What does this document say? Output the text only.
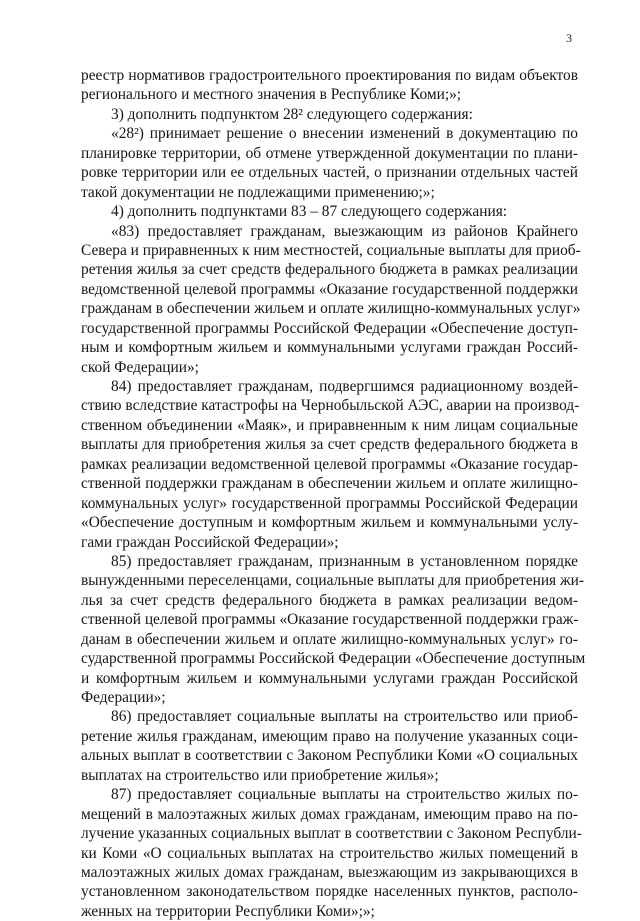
3
реестр нормативов градостроительного проектирования по видам объектов
регионального и местного значения в Республике Коми;»;
3) дополнить подпунктом 28² следующего содержания:
«28²) принимает решение о внесении изменений в документацию по
планировке территории, об отмене утвержденной документации по плани-
ровке территории или ее отдельных частей, о признании отдельных частей
такой документации не подлежащими применению;»;
4) дополнить подпунктами 83 – 87 следующего содержания:
«83) предоставляет гражданам, выезжающим из районов Крайнего
Севера и приравненных к ним местностей, социальные выплаты для приоб-
ретения жилья за счет средств федерального бюджета в рамках реализации
ведомственной целевой программы «Оказание государственной поддержки
гражданам в обеспечении жильем и оплате жилищно-коммунальных услуг»
государственной программы Российской Федерации «Обеспечение доступ-
ным и комфортным жильем и коммунальными услугами граждан Россий-
ской Федерации»;
84) предоставляет гражданам, подвергшимся радиационному воздей-
ствию вследствие катастрофы на Чернобыльской АЭС, аварии на производ-
ственном объединении «Маяк», и приравненным к ним лицам социальные
выплаты для приобретения жилья за счет средств федерального бюджета в
рамках реализации ведомственной целевой программы «Оказание государ-
ственной поддержки гражданам в обеспечении жильем и оплате жилищно-
коммунальных услуг» государственной программы Российской Федерации
«Обеспечение доступным и комфортным жильем и коммунальными услу-
гами граждан Российской Федерации»;
85) предоставляет гражданам, признанным в установленном порядке
вынужденными переселенцами, социальные выплаты для приобретения жи-
лья за счет средств федерального бюджета в рамках реализации ведом-
ственной целевой программы «Оказание государственной поддержки граж-
данам в обеспечении жильем и оплате жилищно-коммунальных услуг» го-
сударственной программы Российской Федерации «Обеспечение доступным
и комфортным жильем и коммунальными услугами граждан Российской
Федерации»;
86) предоставляет социальные выплаты на строительство или приоб-
ретение жилья гражданам, имеющим право на получение указанных соци-
альных выплат в соответствии с Законом Республики Коми «О социальных
выплатах на строительство или приобретение жилья»;
87) предоставляет социальные выплаты на строительство жилых по-
мещений в малоэтажных жилых домах гражданам, имеющим право на по-
лучение указанных социальных выплат в соответствии с Законом Республи-
ки Коми «О социальных выплатах на строительство жилых помещений в
малоэтажных жилых домах гражданам, выезжающим из закрывающихся в
установленном законодательством порядке населенных пунктов, располо-
женных на территории Республики Коми»;»;
